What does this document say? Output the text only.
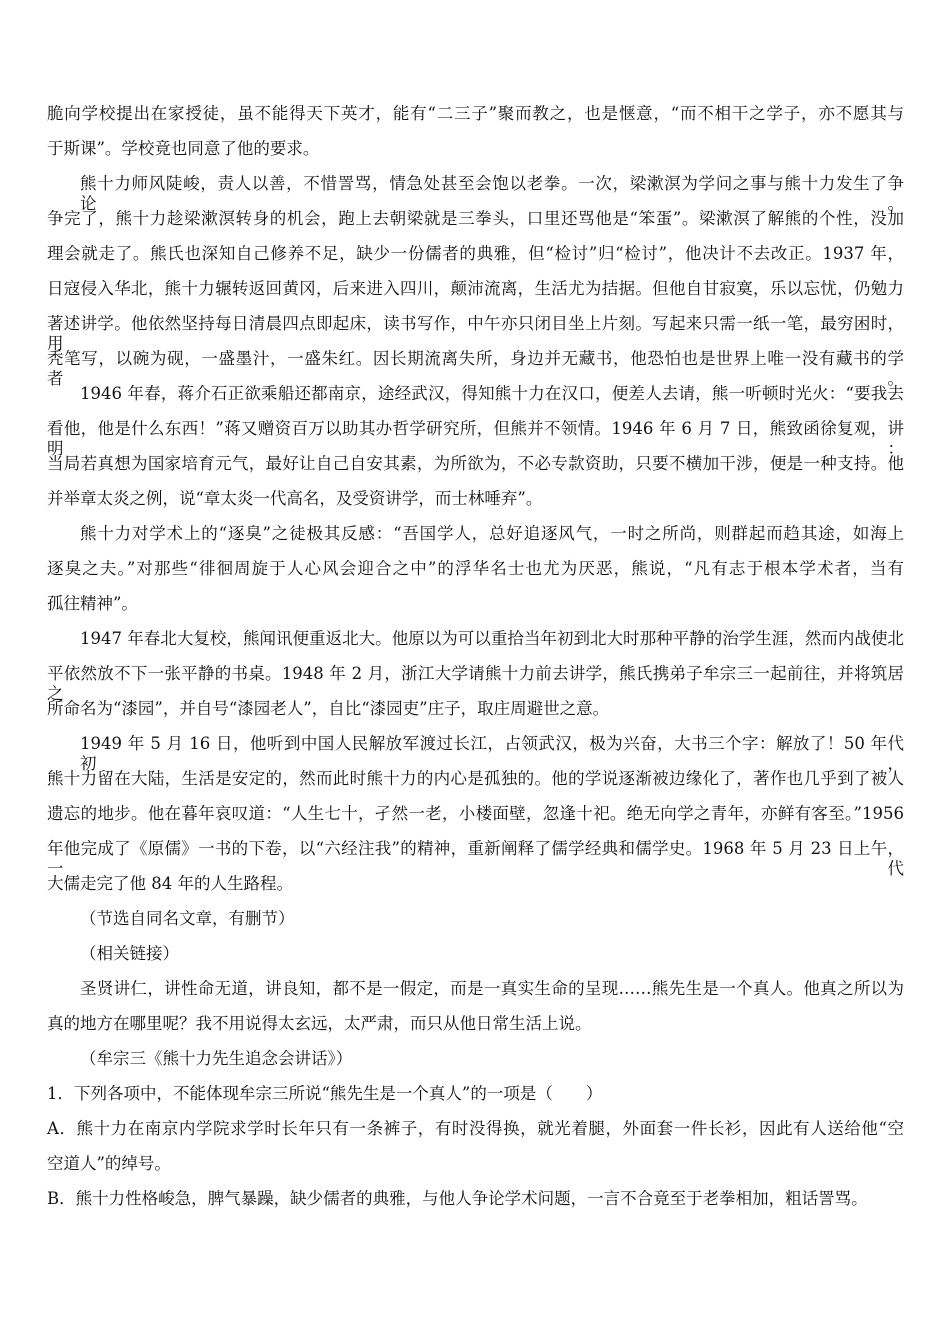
脆向学校提出在家授徒，虽不能得天下英才，能有“二三子”聚而教之，也是惬意，“而不相干之学子，亦不愿其与
于斯课”。学校竟也同意了他的要求。
熊十力师风陡峻，责人以善，不惜詈骂，情急处甚至会饱以老拳。一次，梁漱溟为学问之事与熊十力发生了争论。
争完了，熊十力趁梁漱溟转身的机会，跑上去朝梁就是三拳头，口里还骂他是“笨蛋”。梁漱溟了解熊的个性，没加
理会就走了。熊氏也深知自己修养不足，缺少一份儒者的典雅，但“检讨”归“检讨”，他决计不去改正。1937 年，
日寇侵入华北，熊十力辗转返回黄冈，后来进入四川，颠沛流离，生活尤为拮据。但他自甘寂寞，乐以忘忧，仍勉力
著述讲学。他依然坚持每日清晨四点即起床，读书写作，中午亦只闭目坐上片刻。写起来只需一纸一笔，最穷困时，用
秃笔写，以碗为砚，一盛墨汁，一盛朱红。因长期流离失所，身边并无藏书，他恐怕也是世界上唯一没有藏书的学者。
1946 年春，蒋介石正欲乘船还都南京，途经武汉，得知熊十力在汉口，便差人去请，熊一听顿时光火：“要我去
看他，他是什么东西！”蒋又赠资百万以助其办哲学研究所，但熊并不领情。1946 年 6 月 7 日，熊致函徐复观，讲明：
当局若真想为国家培育元气，最好让自己自安其素，为所欲为，不必专款资助，只要不横加干涉，便是一种支持。他
并举章太炎之例，说“章太炎一代高名，及受资讲学，而士林唾弃”。
熊十力对学术上的“逐臭”之徒极其反感：“吾国学人，总好追逐风气，一时之所尚，则群起而趋其途，如海上
逐臭之夫。”对那些“徘徊周旋于人心风会迎合之中”的浮华名士也尤为厌恶，熊说，“凡有志于根本学术者，当有
孤往精神”。
1947 年春北大复校，熊闻讯便重返北大。他原以为可以重拾当年初到北大时那种平静的治学生涯，然而内战使北
平依然放不下一张平静的书桌。1948 年 2 月，浙江大学请熊十力前去讲学，熊氏携弟子牟宗三一起前往，并将筑居之
所命名为“漆园”，并自号“漆园老人”，自比“漆园吏”庄子，取庄周避世之意。
1949 年 5 月 16 日，他听到中国人民解放军渡过长江，占领武汉，极为兴奋，大书三个字：解放了！50 年代初，
熊十力留在大陆，生活是安定的，然而此时熊十力的内心是孤独的。他的学说逐渐被边缘化了，著作也几乎到了被人
遗忘的地步。他在暮年哀叹道：“人生七十，孑然一老，小楼面壁，忽逢十祀。绝无向学之青年，亦鲜有客至。”1956
年他完成了《原儒》一书的下卷，以“六经注我”的精神，重新阐释了儒学经典和儒学史。1968 年 5 月 23 日上午，一代
大儒走完了他 84 年的人生路程。
（节选自同名文章，有删节）
（相关链接）
圣贤讲仁，讲性命无道，讲良知，都不是一假定，而是一真实生命的呈现……熊先生是一个真人。他真之所以为
真的地方在哪里呢？我不用说得太玄远，太严肃，而只从他日常生活上说。
（牟宗三《熊十力先生追念会讲话》）
1．下列各项中，不能体现牟宗三所说“熊先生是一个真人”的一项是（　　）
A．熊十力在南京内学院求学时长年只有一条裤子，有时没得换，就光着腿，外面套一件长衫，因此有人送给他“空
空道人”的绰号。
B．熊十力性格峻急，脾气暴躁，缺少儒者的典雅，与他人争论学术问题，一言不合竟至于老拳相加，粗话詈骂。
